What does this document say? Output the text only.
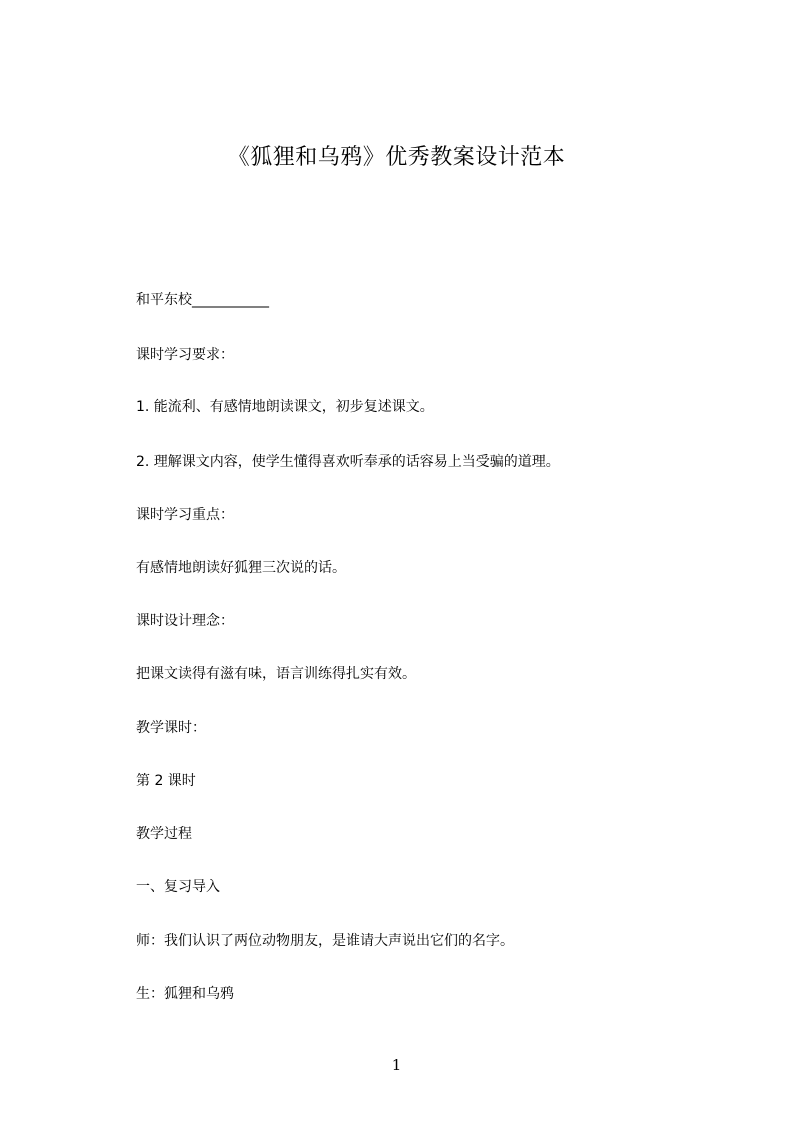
《狐狸和乌鸦》优秀教案设计范本

和平东校___________

课时学习要求：

1. 能流利、有感情地朗读课文，初步复述课文。

2. 理解课文内容，使学生懂得喜欢听奉承的话容易上当受骗的道理。

课时学习重点：

有感情地朗读好狐狸三次说的话。

课时设计理念：

把课文读得有滋有味，语言训练得扎实有效。

教学课时：

第 2 课时

教学过程

一、复习导入

师：我们认识了两位动物朋友，是谁请大声说出它们的名字。

生：狐狸和乌鸦

1
